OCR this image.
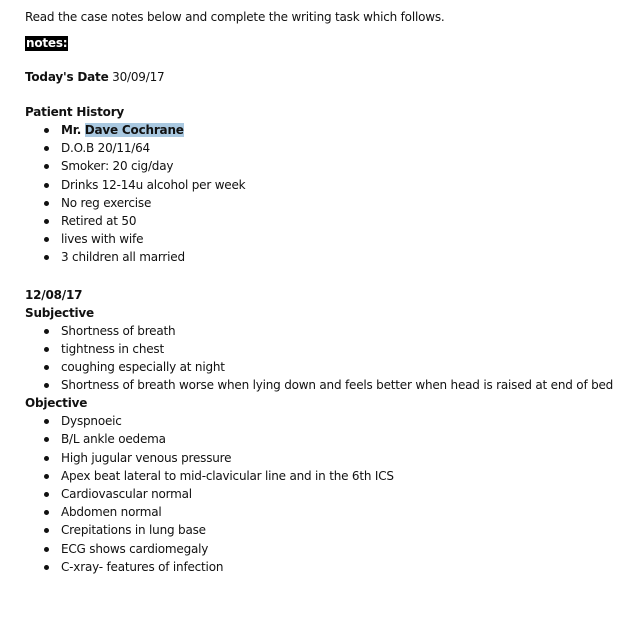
Read the case notes below and complete the writing task which follows.
notes:
Today's Date 30/09/17
Patient History
Mr. Dave Cochrane
D.O.B 20/11/64
Smoker: 20 cig/day
Drinks 12-14u alcohol per week
No reg exercise
Retired at 50
lives with wife
3 children all married
12/08/17
Subjective
Shortness of breath
tightness in chest
coughing especially at night
Shortness of breath worse when lying down and feels better when head is raised at end of bed
Objective
Dyspnoeic
B/L ankle oedema
High jugular venous pressure
Apex beat lateral to mid-clavicular line and in the 6th ICS
Cardiovascular normal
Abdomen normal
Crepitations in lung base
ECG shows cardiomegaly
C-xray- features of infection
